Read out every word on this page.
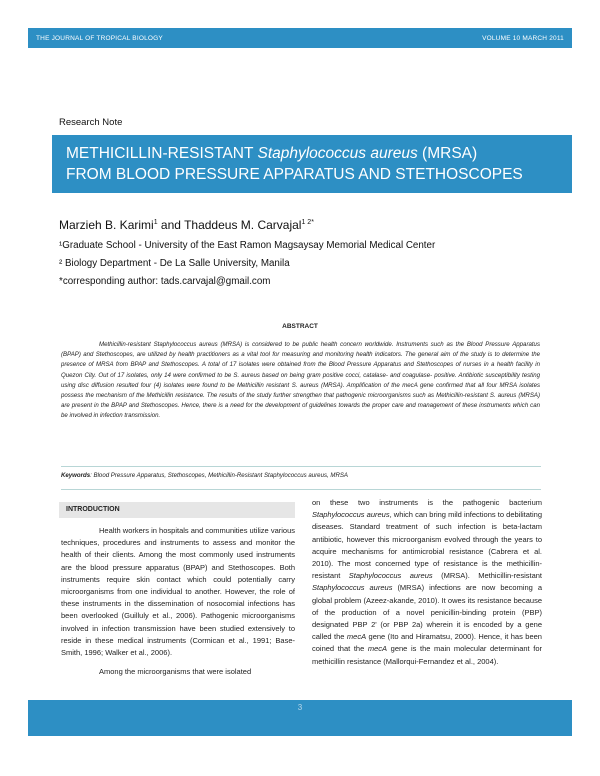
THE JOURNAL OF TROPICAL BIOLOGY	VOLUME 10 MARCH 2011
Research Note
METHICILLIN-RESISTANT Staphylococcus aureus (MRSA)
FROM BLOOD PRESSURE APPARATUS AND STETHOSCOPES
Marzieh B. Karimi$^1$ and Thaddeus M. Carvajal$^{1 2*}$
¹Graduate School - University of the East Ramon Magsaysay Memorial Medical Center
² Biology Department - De La Salle University, Manila
*corresponding author: tads.carvajal@gmail.com
ABSTRACT
Methicillin-resistant Staphylococcus aureus (MRSA) is considered to be public health concern worldwide. Instruments such as the Blood Pressure Apparatus (BPAP) and Stethoscopes, are utilized by health practitioners as a vital tool for measuring and monitoring health indicators. The general aim of the study is to determine the presence of MRSA from BPAP and Stethoscopes. A total of 17 isolates were obtained from the Blood Pressure Apparatus and Stethoscopes of nurses in a health facility in Quezon City. Out of 17 isolates, only 14 were confirmed to be S. aureus based on being gram positive cocci, catalase- and coagulase- positive. Antibiotic susceptibility testing using disc diffusion resulted four (4) isolates were found to be Methicillin resistant S. aureus (MRSA). Amplification of the mecA gene confirmed that all four MRSA isolates possess the mechanism of the Methicillin resistance. The results of the study further strengthen that pathogenic microorganisms such as Methicillin-resistant S. aureus (MRSA) are present in the BPAP and Stethoscopes. Hence, there is a need for the development of guidelines towards the proper care and management of these instruments which can be involved in infection transmission.
Keywords: Blood Pressure Apparatus, Stethoscopes, Methicillin-Resistant Staphylococcus aureus, MRSA
INTRODUCTION
Health workers in hospitals and communities utilize various techniques, procedures and instruments to assess and monitor the health of their clients. Among the most commonly used instruments are the blood pressure apparatus (BPAP) and Stethoscopes. Both instruments require skin contact which could potentially carry microorganisms from one individual to another. However, the role of these instruments in the dissemination of nosocomial infections has been overlooked (Guilluly et al., 2006). Pathogenic microorganisms involved in infection transmission have been studied extensively to reside in these medical instruments (Cormican et al., 1991; Base-Smith, 1996; Walker et al., 2006).
Among the microorganisms that were isolated
on these two instruments is the pathogenic bacterium Staphylococcus aureus, which can bring mild infections to debilitating diseases. Standard treatment of such infection is beta-lactam antibiotic, however this microorganism evolved through the years to acquire mechanisms for antimicrobial resistance (Cabrera et al. 2010). The most concerned type of resistance is the methicillin-resistant Staphylococcus aureus (MRSA). Methicillin-resistant Staphylococcus aureus (MRSA) infections are now becoming a global problem (Azeez-akande, 2010). It owes its resistance because of the production of a novel penicillin-binding protein (PBP) designated PBP 2' (or PBP 2a) wherein it is encoded by a gene called the mecA gene (Ito and Hiramatsu, 2000). Hence, it has been coined that the mecA gene is the main molecular determinant for methicillin resistance (Mallorqui-Fernandez et al., 2004).
3
